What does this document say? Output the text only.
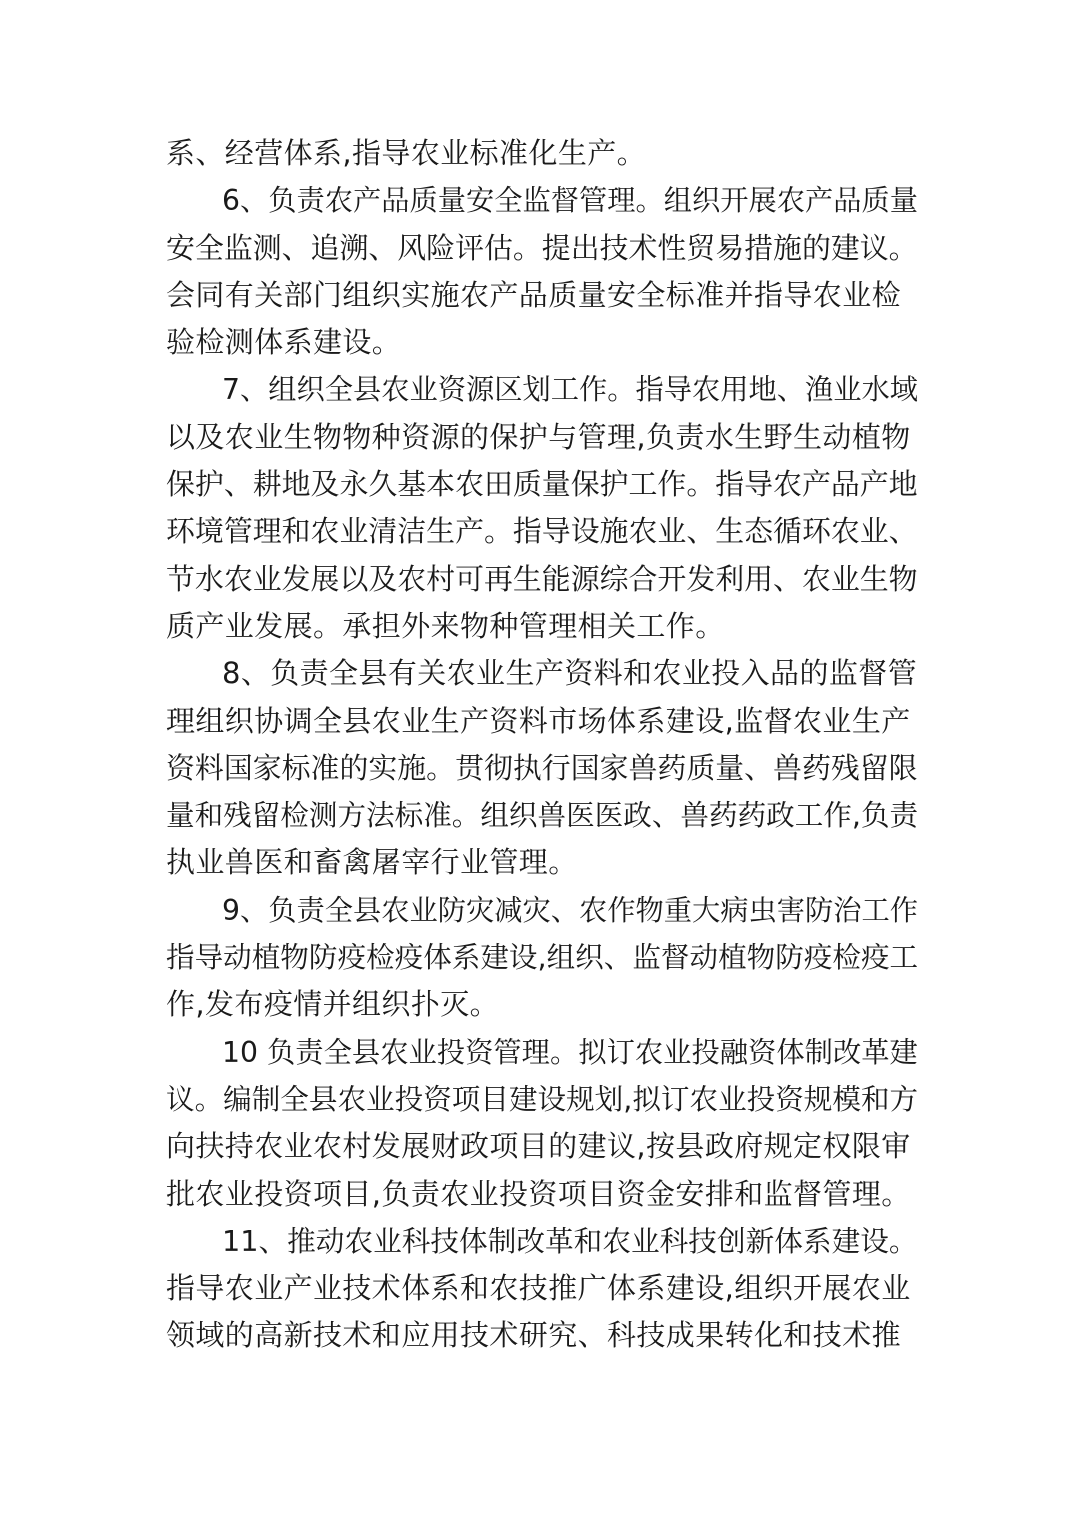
系、经营体系,指导农业标准化生产。
6、负责农产品质量安全监督管理。组织开展农产品质量
安全监测、追溯、风险评估。提出技术性贸易措施的建议。
会同有关部门组织实施农产品质量安全标准并指导农业检
验检测体系建设。
7、组织全县农业资源区划工作。指导农用地、渔业水域
以及农业生物物种资源的保护与管理,负责水生野生动植物
保护、耕地及永久基本农田质量保护工作。指导农产品产地
环境管理和农业清洁生产。指导设施农业、生态循环农业、
节水农业发展以及农村可再生能源综合开发利用、农业生物
质产业发展。承担外来物种管理相关工作。
8、负责全县有关农业生产资料和农业投入品的监督管
理组织协调全县农业生产资料市场体系建设,监督农业生产
资料国家标准的实施。贯彻执行国家兽药质量、兽药残留限
量和残留检测方法标准。组织兽医医政、兽药药政工作,负责
执业兽医和畜禽屠宰行业管理。
9、负责全县农业防灾减灾、农作物重大病虫害防治工作
指导动植物防疫检疫体系建设,组织、监督动植物防疫检疫工
作,发布疫情并组织扑灭。
10 负责全县农业投资管理。拟订农业投融资体制改革建
议。编制全县农业投资项目建设规划,拟订农业投资规模和方
向扶持农业农村发展财政项目的建议,按县政府规定权限审
批农业投资项目,负责农业投资项目资金安排和监督管理。
11、推动农业科技体制改革和农业科技创新体系建设。
指导农业产业技术体系和农技推广体系建设,组织开展农业
领域的高新技术和应用技术研究、科技成果转化和技术推
